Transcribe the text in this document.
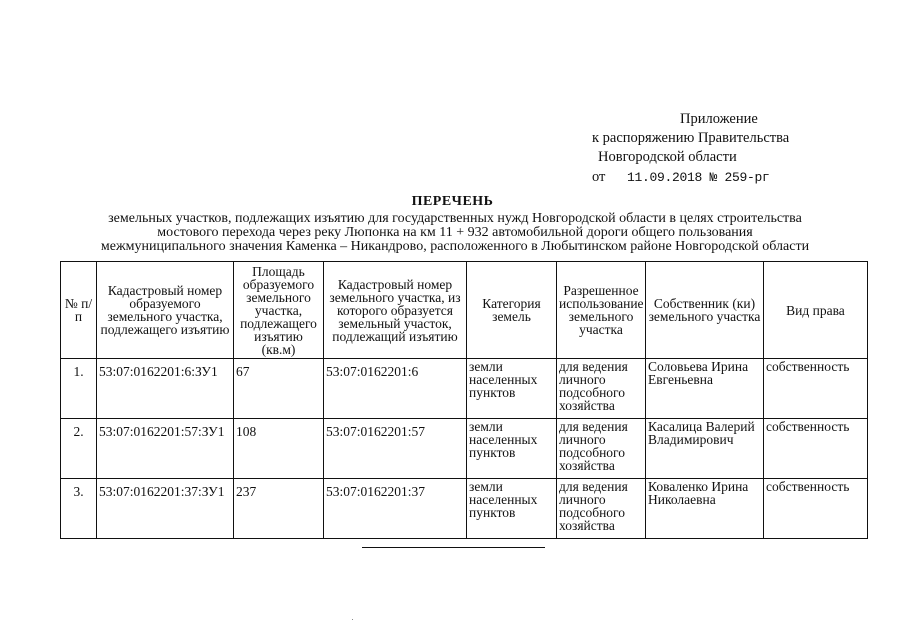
Приложение
к распоряжению Правительства
Новгородской области
от 11.09.2018 № 259-рг
ПЕРЕЧЕНЬ
земельных участков, подлежащих изъятию для государственных нужд Новгородской области в целях строительства
мостового перехода через реку Люпонка на км 11 + 932 автомобильной дороги общего пользования
межмуниципального значения Каменка – Никандрово, расположенного в Любытинском районе Новгородской области
№ п/п	Кадастровый номер образуемого земельного участка, подлежащего изъятию	Площадь образуемого земельного участка, подлежащего изъятию (кв.м)	Кадастровый номер земельного участка, из которого образуется земельный участок, подлежащий изъятию	Категория земель	Разрешенное использование земельного участка	Собственник (ки) земельного участка	Вид права
1.	53:07:0162201:6:ЗУ1	67	53:07:0162201:6	земли населенных пунктов	для ведения личного подсобного хозяйства	Соловьева Ирина Евгеньевна	собственность
2.	53:07:0162201:57:ЗУ1	108	53:07:0162201:57	земли населенных пунктов	для ведения личного подсобного хозяйства	Касалица Валерий Владимирович	собственность
3.	53:07:0162201:37:ЗУ1	237	53:07:0162201:37	земли населенных пунктов	для ведения личного подсобного хозяйства	Коваленко Ирина Николаевна	собственность
